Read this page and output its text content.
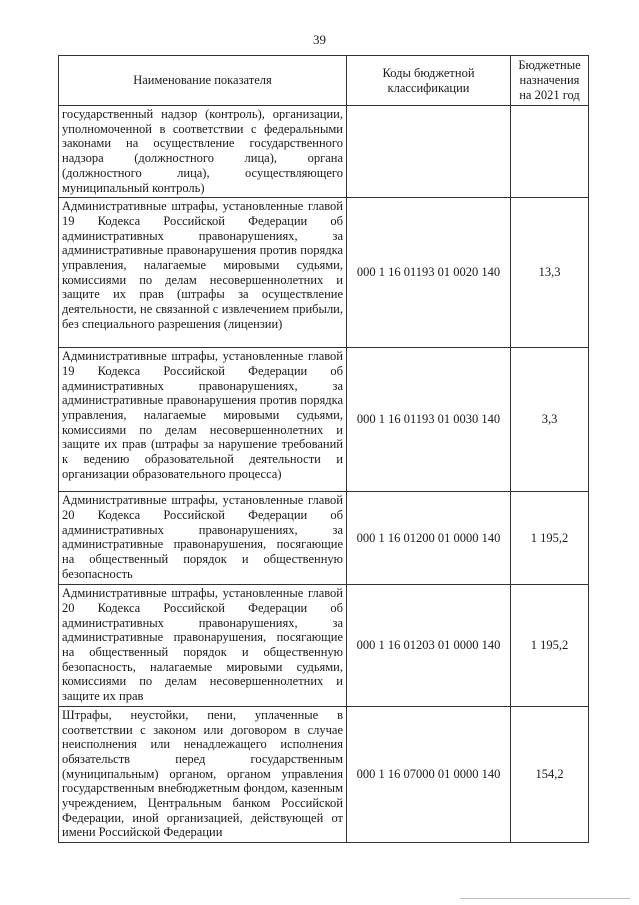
39
Наименование показателя	Коды бюджетной классификации	Бюджетные назначения на 2021 год
государственный надзор (контроль), организации, уполномоченной в соответствии с федеральными законами на осуществление государственного надзора (должностного лица), органа (должностного лица), осуществляющего муниципальный контроль)		
Административные штрафы, установленные главой 19 Кодекса Российской Федерации об административных правонарушениях, за административные правонарушения против порядка управления, налагаемые мировыми судьями, комиссиями по делам несовершеннолетних и защите их прав (штрафы за осуществление деятельности, не связанной с извлечением прибыли, без специального разрешения (лицензии)	000 1 16 01193 01 0020 140	13,3
Административные штрафы, установленные главой 19 Кодекса Российской Федерации об административных правонарушениях, за административные правонарушения против порядка управления, налагаемые мировыми судьями, комиссиями по делам несовершеннолетних и защите их прав (штрафы за нарушение требований к ведению образовательной деятельности и организации образовательного процесса)	000 1 16 01193 01 0030 140	3,3
Административные штрафы, установленные главой 20 Кодекса Российской Федерации об административных правонарушениях, за административные правонарушения, посягающие на общественный порядок и общественную безопасность	000 1 16 01200 01 0000 140	1 195,2
Административные штрафы, установленные главой 20 Кодекса Российской Федерации об административных правонарушениях, за административные правонарушения, посягающие на общественный порядок и общественную безопасность, налагаемые мировыми судьями, комиссиями по делам несовершеннолетних и защите их прав	000 1 16 01203 01 0000 140	1 195,2
Штрафы, неустойки, пени, уплаченные в соответствии с законом или договором в случае неисполнения или ненадлежащего исполнения обязательств перед государственным (муниципальным) органом, органом управления государственным внебюджетным фондом, казенным учреждением, Центральным банком Российской Федерации, иной организацией, действующей от имени Российской Федерации	000 1 16 07000 01 0000 140	154,2
